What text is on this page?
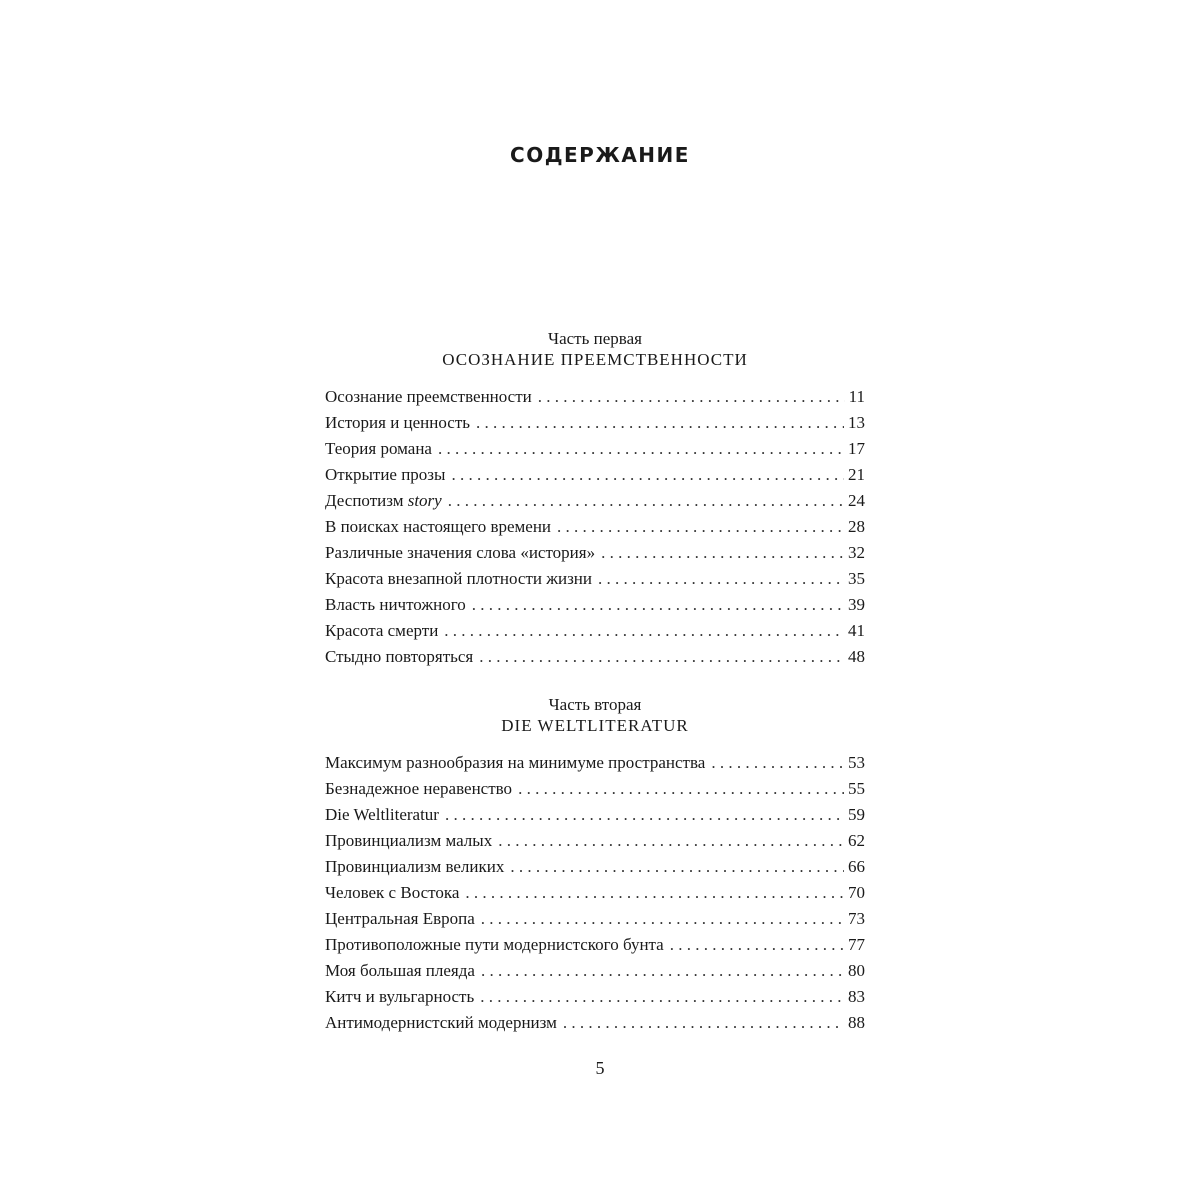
СОДЕРЖАНИЕ
Часть первая
ОСОЗНАНИЕ ПРЕЕМСТВЕННОСТИ
Осознание преемственности . . .	11
История и ценность . . .	13
Теория романа . . .	17
Открытие прозы . . .	21
Деспотизм story . . .	24
В поисках настоящего времени . . .	28
Различные значения слова «история» . . .	32
Красота внезапной плотности жизни . . .	35
Власть ничтожного . . .	39
Красота смерти . . .	41
Стыдно повторяться . . .	48
Часть вторая
DIE WELTLITERATUR
Максимум разнообразия на минимуме пространства . . .	53
Безнадежное неравенство . . .	55
Die Weltliteratur . . .	59
Провинциализм малых . . .	62
Провинциализм великих . . .	66
Человек с Востока . . .	70
Центральная Европа . . .	73
Противоположные пути модернистского бунта . . .	77
Моя большая плеяда . . .	80
Китч и вульгарность . . .	83
Антимодернистский модернизм . . .	88
5
